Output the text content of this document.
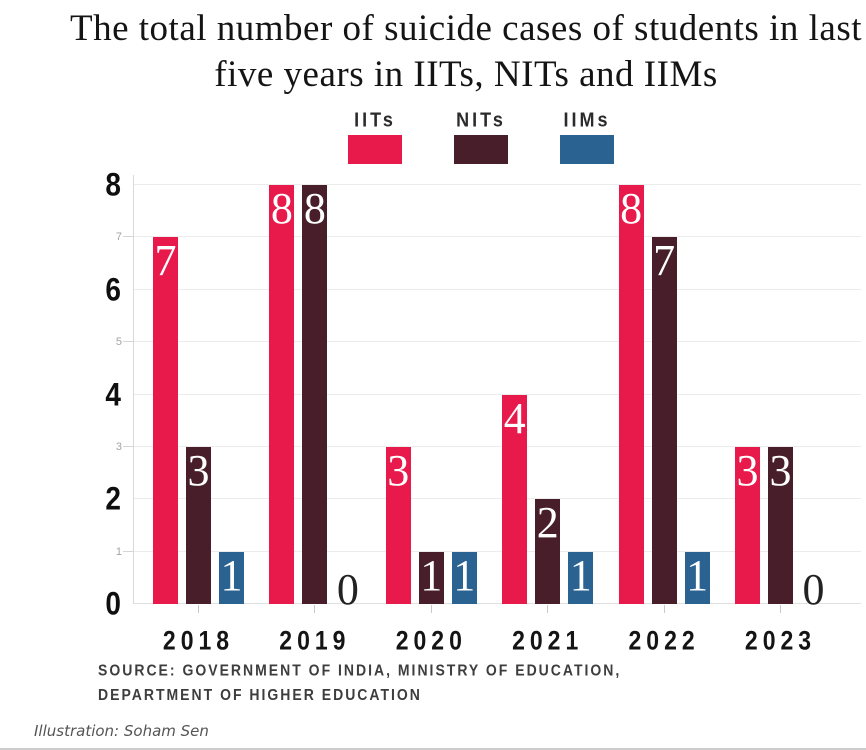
The total number of suicide cases of students in last five years in IITs, NITs and IIMs
IITs	NITs	IIMs
0
1
2
3
4
5
6
7
8
7
3
1
2018
8 8
0
2019
3
1 1
2020
4
2
1
2021
8
7
1
2022
3 3
0
2023
SOURCE: GOVERNMENT OF INDIA, MINISTRY OF EDUCATION,
DEPARTMENT OF HIGHER EDUCATION
Illustration: Soham Sen
